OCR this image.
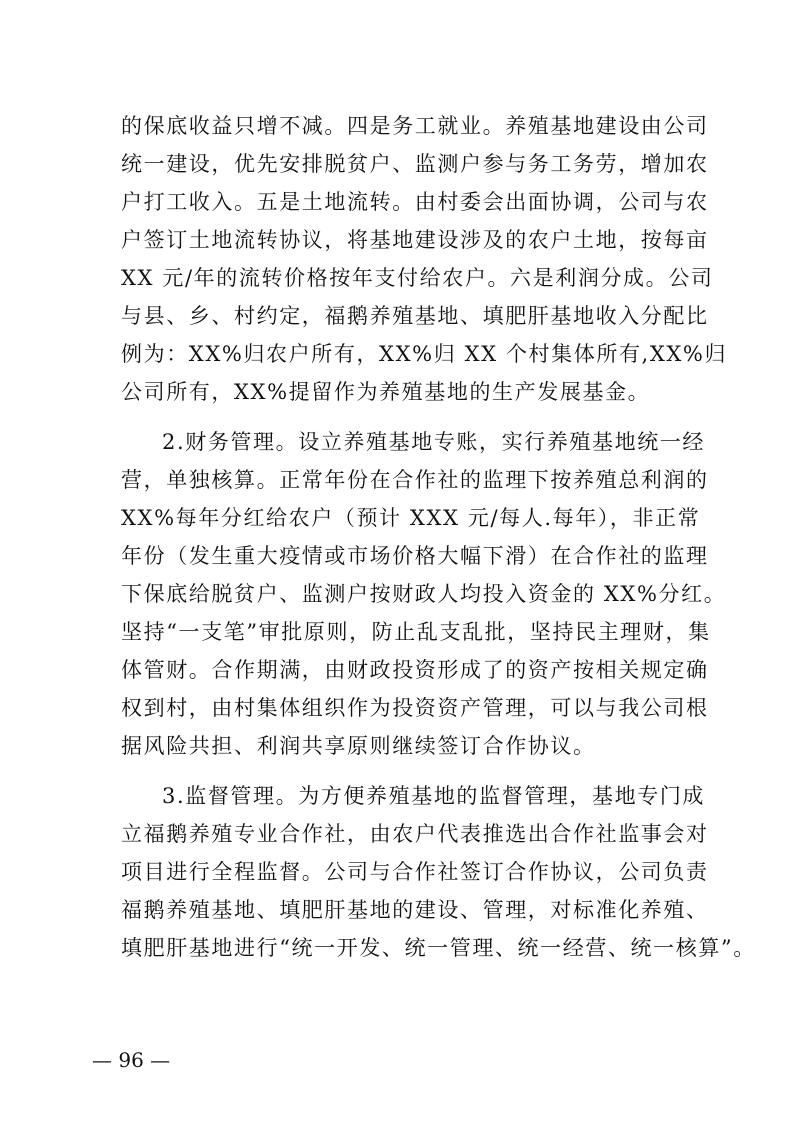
的保底收益只增不减。四是务工就业。养殖基地建设由公司
统一建设，优先安排脱贫户、监测户参与务工务劳，增加农
户打工收入。五是土地流转。由村委会出面协调，公司与农
户签订土地流转协议，将基地建设涉及的农户土地，按每亩
XX 元/年的流转价格按年支付给农户。六是利润分成。公司
与县、乡、村约定，福鹅养殖基地、填肥肝基地收入分配比
例为：XX%归农户所有，XX%归 XX 个村集体所有,XX%归
公司所有，XX%提留作为养殖基地的生产发展基金。
2.财务管理。设立养殖基地专账，实行养殖基地统一经
营，单独核算。正常年份在合作社的监理下按养殖总利润的
XX%每年分红给农户（预计 XXX 元/每人.每年），非正常
年份（发生重大疫情或市场价格大幅下滑）在合作社的监理
下保底给脱贫户、监测户按财政人均投入资金的 XX%分红。
坚持“一支笔”审批原则，防止乱支乱批，坚持民主理财，集
体管财。合作期满，由财政投资形成了的资产按相关规定确
权到村，由村集体组织作为投资资产管理，可以与我公司根
据风险共担、利润共享原则继续签订合作协议。
3.监督管理。为方便养殖基地的监督管理，基地专门成
立福鹅养殖专业合作社，由农户代表推选出合作社监事会对
项目进行全程监督。公司与合作社签订合作协议，公司负责
福鹅养殖基地、填肥肝基地的建设、管理，对标准化养殖、
填肥肝基地进行“统一开发、统一管理、统一经营、统一核算”。
— 96 —
